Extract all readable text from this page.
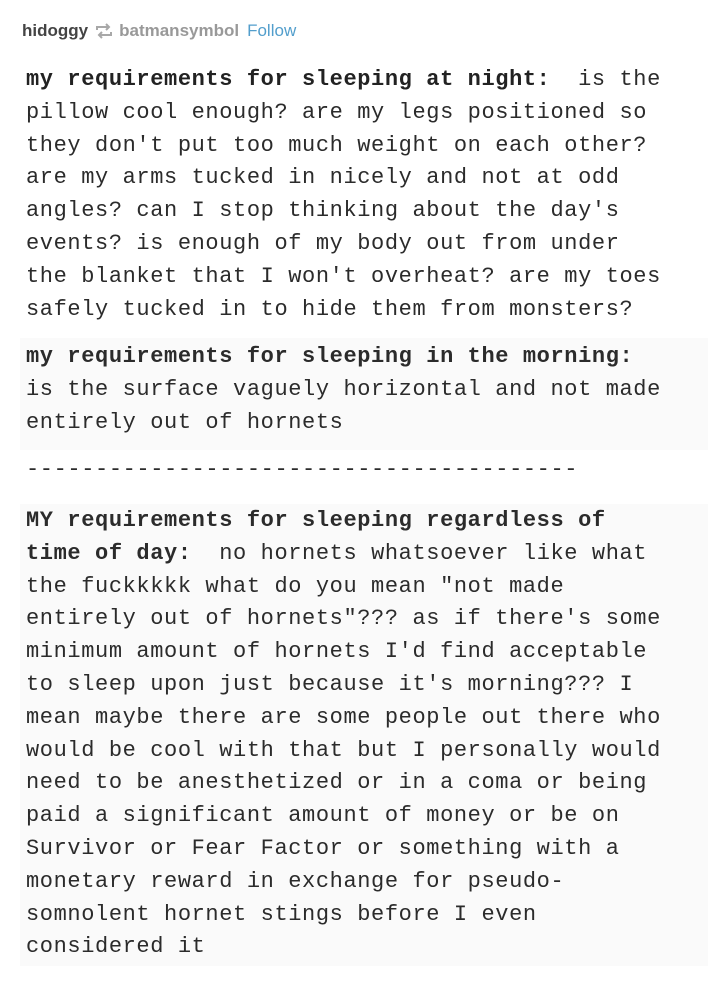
hidoggy batmansymbol Follow

my requirements for sleeping at night:  is the
pillow cool enough? are my legs positioned so
they don't put too much weight on each other?
are my arms tucked in nicely and not at odd
angles? can I stop thinking about the day's
events? is enough of my body out from under
the blanket that I won't overheat? are my toes
safely tucked in to hide them from monsters?

my requirements for sleeping in the morning:
is the surface vaguely horizontal and not made
entirely out of hornets

----------------------------------------

MY requirements for sleeping regardless of
time of day:  no hornets whatsoever like what
the fuckkkkk what do you mean "not made
entirely out of hornets"??? as if there's some
minimum amount of hornets I'd find acceptable
to sleep upon just because it's morning??? I
mean maybe there are some people out there who
would be cool with that but I personally would
need to be anesthetized or in a coma or being
paid a significant amount of money or be on
Survivor or Fear Factor or something with a
monetary reward in exchange for pseudo-
somnolent hornet stings before I even
considered it
